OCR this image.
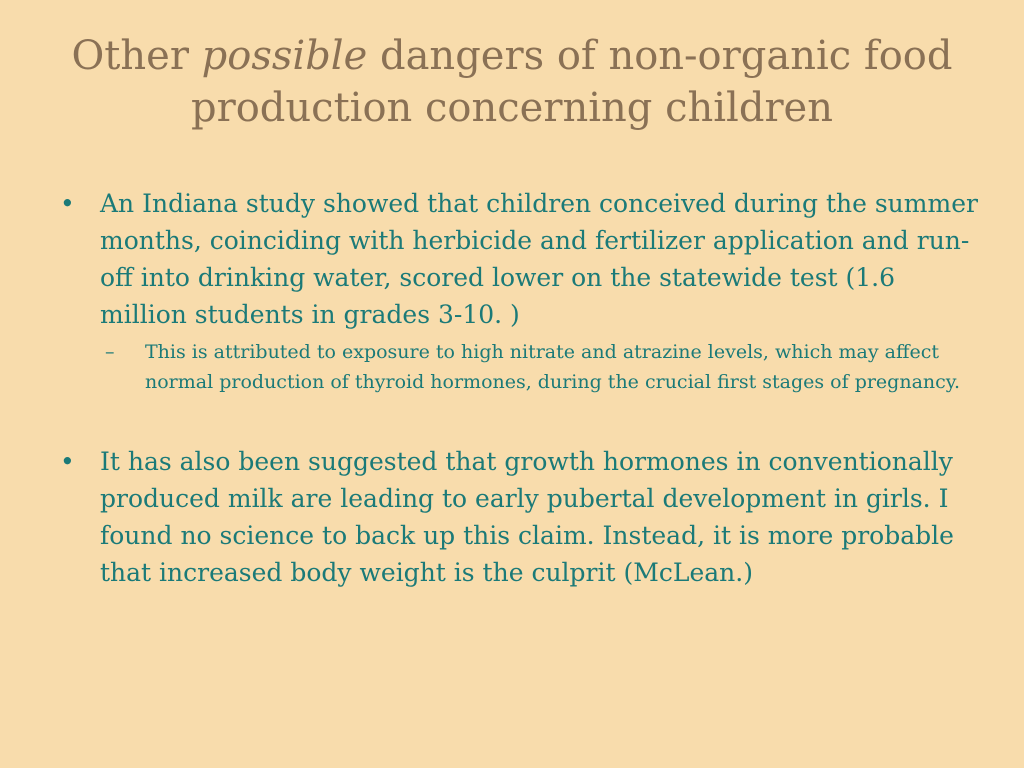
Other possible dangers of non-organic food production concerning children
•	An Indiana study showed that children conceived during the summer months, coinciding with herbicide and fertilizer application and run-off into drinking water, scored lower on the statewide test (1.6 million students in grades 3-10. )
–	This is attributed to exposure to high nitrate and atrazine levels, which may affect normal production of thyroid hormones, during the crucial first stages of pregnancy.
•	It has also been suggested that growth hormones in conventionally produced milk are leading to early pubertal development in girls. I found no science to back up this claim. Instead, it is more probable that increased body weight is the culprit (McLean.)
